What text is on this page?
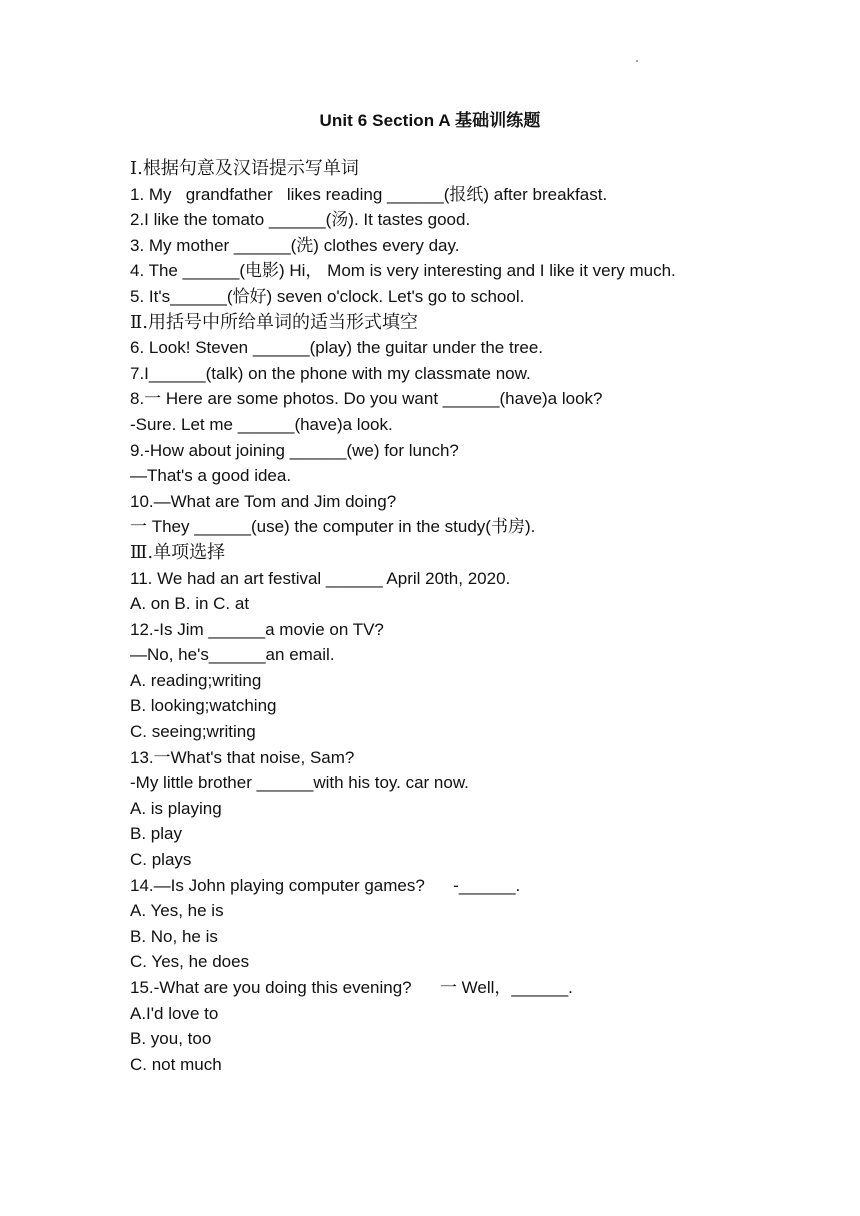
Unit 6 Section A 基础训练题
Ⅰ.根据句意及汉语提示写单词
1. My   grandfather   likes reading ______(报纸) after breakfast.
2.I like the tomato ______(汤). It tastes good.
3. My mother ______(洗) clothes every day.
4. The ______(电影) Hi， Mom is very interesting and I like it very much.
5. It's______(恰好) seven o'clock. Let's go to school.
Ⅱ.用括号中所给单词的适当形式填空
6. Look! Steven ______(play) the guitar under the tree.
7.I______(talk) on the phone with my classmate now.
8.一 Here are some photos. Do you want ______(have)a look?
-Sure. Let me ______(have)a look.
9.-How about joining ______(we) for lunch?
—That's a good idea.
10.—What are Tom and Jim doing?
一 They ______(use) the computer in the study(书房).
Ⅲ.单项选择
11. We had an art festival ______ April 20th, 2020.
A. on B. in C. at
12.-Is Jim ______a movie on TV?
—No, he's______an email.
A. reading;writing
B. looking;watching
C. seeing;writing
13.一What's that noise, Sam?
-My little brother ______with his toy. car now.
A. is playing
B. play
C. plays
14.—Is John playing computer games?      -______.
A. Yes, he is
B. No, he is
C. Yes, he does
15.-What are you doing this evening?      一 Well，______.
A.I'd love to
B. you, too
C. not much
